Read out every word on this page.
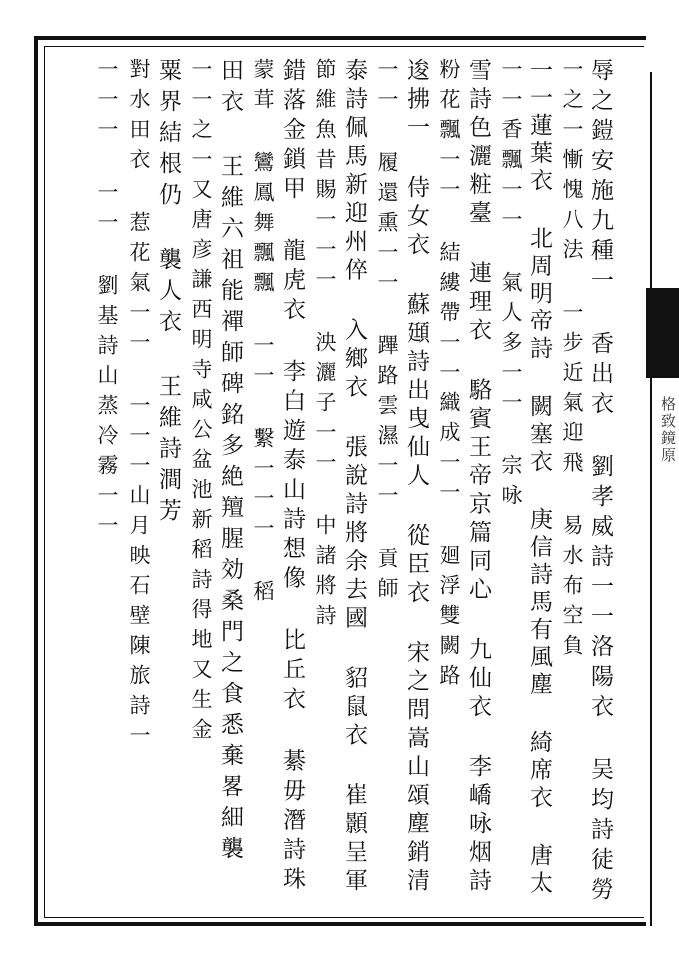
格致鏡原
辱之鎧安施九種一 香出衣 劉孝威詩一一洛陽衣 吴均詩徒勞
一之一慚愧八法 一步近氣迎飛 易水布空負
一一蓮葉衣 北周明帝詩 闕塞衣 庚信詩馬有風塵 綺席衣 唐太
一一香飄一一 氣人多一一 宗咏
雪詩色灑粧臺 連理衣 駱賓王帝京篇同心 九仙衣 李嶠咏烟詩
粉花飄一一 結縷帶一一織成一一 廻浮雙闕路
逡拂一 侍女衣 蘇頲詩出曳仙人 從臣衣 宋之問嵩山頌塵銷清
一一 履還熏一一 蹕路雲濕一一 貢師
泰詩佩馬新迎州倅 入鄉衣 張說詩將余去國 貂鼠衣 崔顥呈軍
節維魚昔賜一一一 泱灑子一一 中諸將詩
錯落金鎖甲 龍虎衣 李白遊泰山詩想像 比丘衣 綦毋潛詩珠
蒙茸 鸞鳳舞飄飄 一一 繫一一一 稻
田衣 王維六祖能禪師碑銘多絶羶腥効桑門之食悉棄畧細襲
一一之一又唐彦謙西明寺咸公盆池新稻詩得地又生金
粟界結根仍 襲人衣 王維詩澗芳
對水田衣 惹花氣一一 一一一山月映石壁陳旅詩一
一一一 一一 劉基詩山蒸冷霧一一
